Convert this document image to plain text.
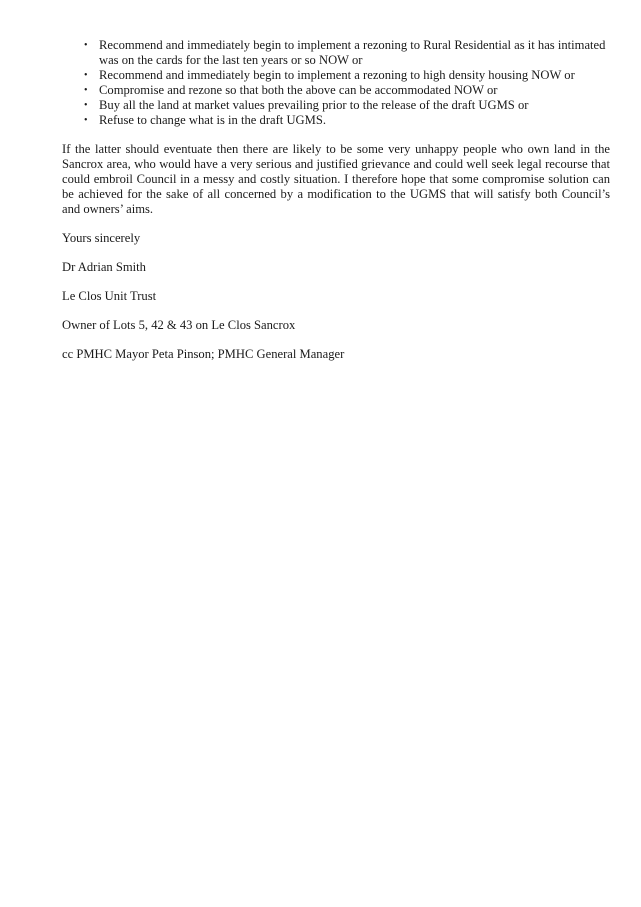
• Recommend and immediately begin to implement a rezoning to Rural Residential as it has intimated was on the cards for the last ten years or so NOW or
• Recommend and immediately begin to implement a rezoning to high density housing NOW or
• Compromise and rezone so that both the above can be accommodated NOW or
• Buy all the land at market values prevailing prior to the release of the draft UGMS or
• Refuse to change what is in the draft UGMS.

If the latter should eventuate then there are likely to be some very unhappy people who own land in the Sancrox area, who would have a very serious and justified grievance and could well seek legal recourse that could embroil Council in a messy and costly situation. I therefore hope that some compromise solution can be achieved for the sake of all concerned by a modification to the UGMS that will satisfy both Council’s and owners’ aims.

Yours sincerely

Dr Adrian Smith

Le Clos Unit Trust

Owner of Lots 5, 42 & 43 on Le Clos Sancrox

cc PMHC Mayor Peta Pinson; PMHC General Manager
